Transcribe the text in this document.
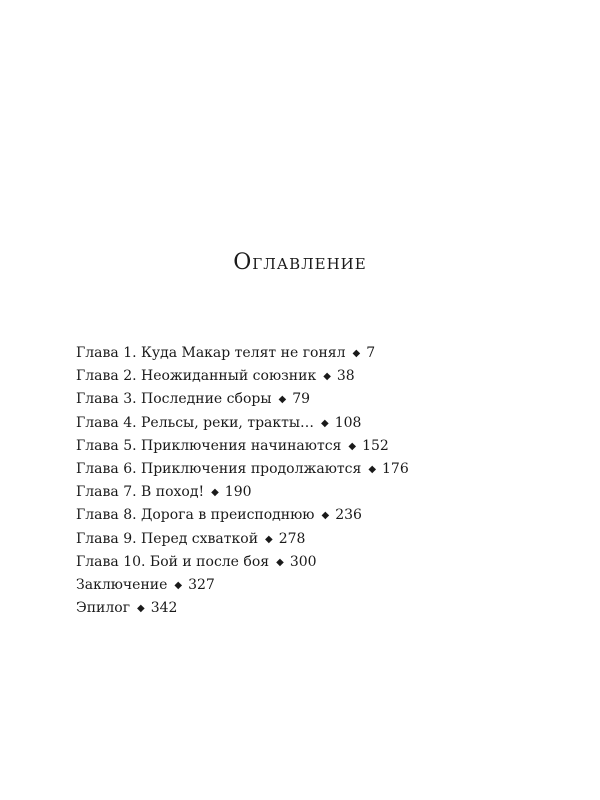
Оглавление
Глава 1. Куда Макар телят не гонял ◆ 7
Глава 2. Неожиданный союзник ◆ 38
Глава 3. Последние сборы ◆ 79
Глава 4. Рельсы, реки, тракты… ◆ 108
Глава 5. Приключения начинаются ◆ 152
Глава 6. Приключения продолжаются ◆ 176
Глава 7. В поход! ◆ 190
Глава 8. Дорога в преисподнюю ◆ 236
Глава 9. Перед схваткой ◆ 278
Глава 10. Бой и после боя ◆ 300
Заключение ◆ 327
Эпилог ◆ 342
